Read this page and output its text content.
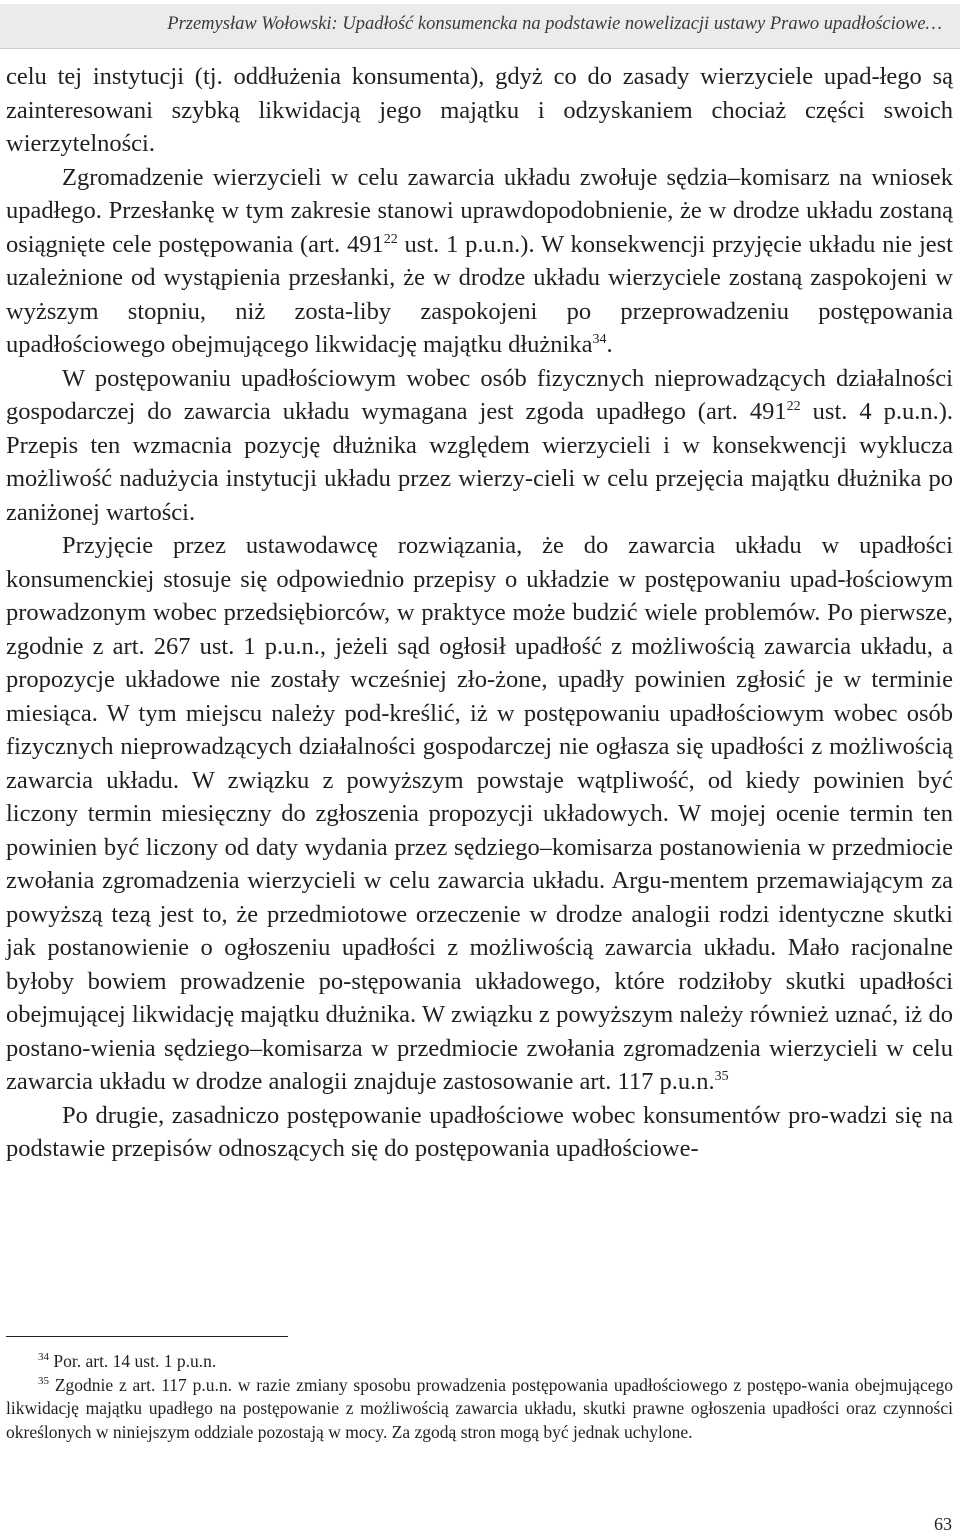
Przemysław Wołowski: Upadłość konsumencka na podstawie nowelizacji ustawy Prawo upadłościowe…

celu tej instytucji (tj. oddłużenia konsumenta), gdyż co do zasady wierzyciele upad-łego są zainteresowani szybką likwidacją jego majątku i odzyskaniem chociaż części swoich wierzytelności.

Zgromadzenie wierzycieli w celu zawarcia układu zwołuje sędzia–komisarz na wniosek upadłego. Przesłankę w tym zakresie stanowi uprawdopodobnienie, że w drodze układu zostaną osiągnięte cele postępowania (art. $491^{22}$ ust. 1 p.u.n.). W konsekwencji przyjęcie układu nie jest uzależnione od wystąpienia przesłanki, że w drodze układu wierzyciele zostaną zaspokojeni w wyższym stopniu, niż zosta-liby zaspokojeni po przeprowadzeniu postępowania upadłościowego obejmującego likwidację majątku dłużnika$^{34}$.

W postępowaniu upadłościowym wobec osób fizycznych nieprowadzących działalności gospodarczej do zawarcia układu wymagana jest zgoda upadłego (art. $491^{22}$ ust. 4 p.u.n.). Przepis ten wzmacnia pozycję dłużnika względem wierzycieli i w konsekwencji wyklucza możliwość nadużycia instytucji układu przez wierzy-cieli w celu przejęcia majątku dłużnika po zaniżonej wartości.

Przyjęcie przez ustawodawcę rozwiązania, że do zawarcia układu w upadłości konsumenckiej stosuje się odpowiednio przepisy o układzie w postępowaniu upad-łościowym prowadzonym wobec przedsiębiorców, w praktyce może budzić wiele problemów. Po pierwsze, zgodnie z art. 267 ust. 1 p.u.n., jeżeli sąd ogłosił upadłość z możliwością zawarcia układu, a propozycje układowe nie zostały wcześniej zło-żone, upadły powinien zgłosić je w terminie miesiąca. W tym miejscu należy pod-kreślić, iż w postępowaniu upadłościowym wobec osób fizycznych nieprowadzących działalności gospodarczej nie ogłasza się upadłości z możliwością zawarcia układu. W związku z powyższym powstaje wątpliwość, od kiedy powinien być liczony termin miesięczny do zgłoszenia propozycji układowych. W mojej ocenie termin ten powinien być liczony od daty wydania przez sędziego–komisarza postanowienia w przedmiocie zwołania zgromadzenia wierzycieli w celu zawarcia układu. Argu-mentem przemawiającym za powyższą tezą jest to, że przedmiotowe orzeczenie w drodze analogii rodzi identyczne skutki jak postanowienie o ogłoszeniu upadłości z możliwością zawarcia układu. Mało racjonalne byłoby bowiem prowadzenie po-stępowania układowego, które rodziłoby skutki upadłości obejmującej likwidację majątku dłużnika. W związku z powyższym należy również uznać, iż do postano-wienia sędziego–komisarza w przedmiocie zwołania zgromadzenia wierzycieli w celu zawarcia układu w drodze analogii znajduje zastosowanie art. 117 p.u.n.$^{35}$

Po drugie, zasadniczo postępowanie upadłościowe wobec konsumentów pro-wadzi się na podstawie przepisów odnoszących się do postępowania upadłościowe-

$^{34}$ Por. art. 14 ust. 1 p.u.n.

$^{35}$ Zgodnie z art. 117 p.u.n. w razie zmiany sposobu prowadzenia postępowania upadłościowego z postępo-wania obejmującego likwidację majątku upadłego na postępowanie z możliwością zawarcia układu, skutki prawne ogłoszenia upadłości oraz czynności określonych w niniejszym oddziale pozostają w mocy. Za zgodą stron mogą być jednak uchylone.

63
